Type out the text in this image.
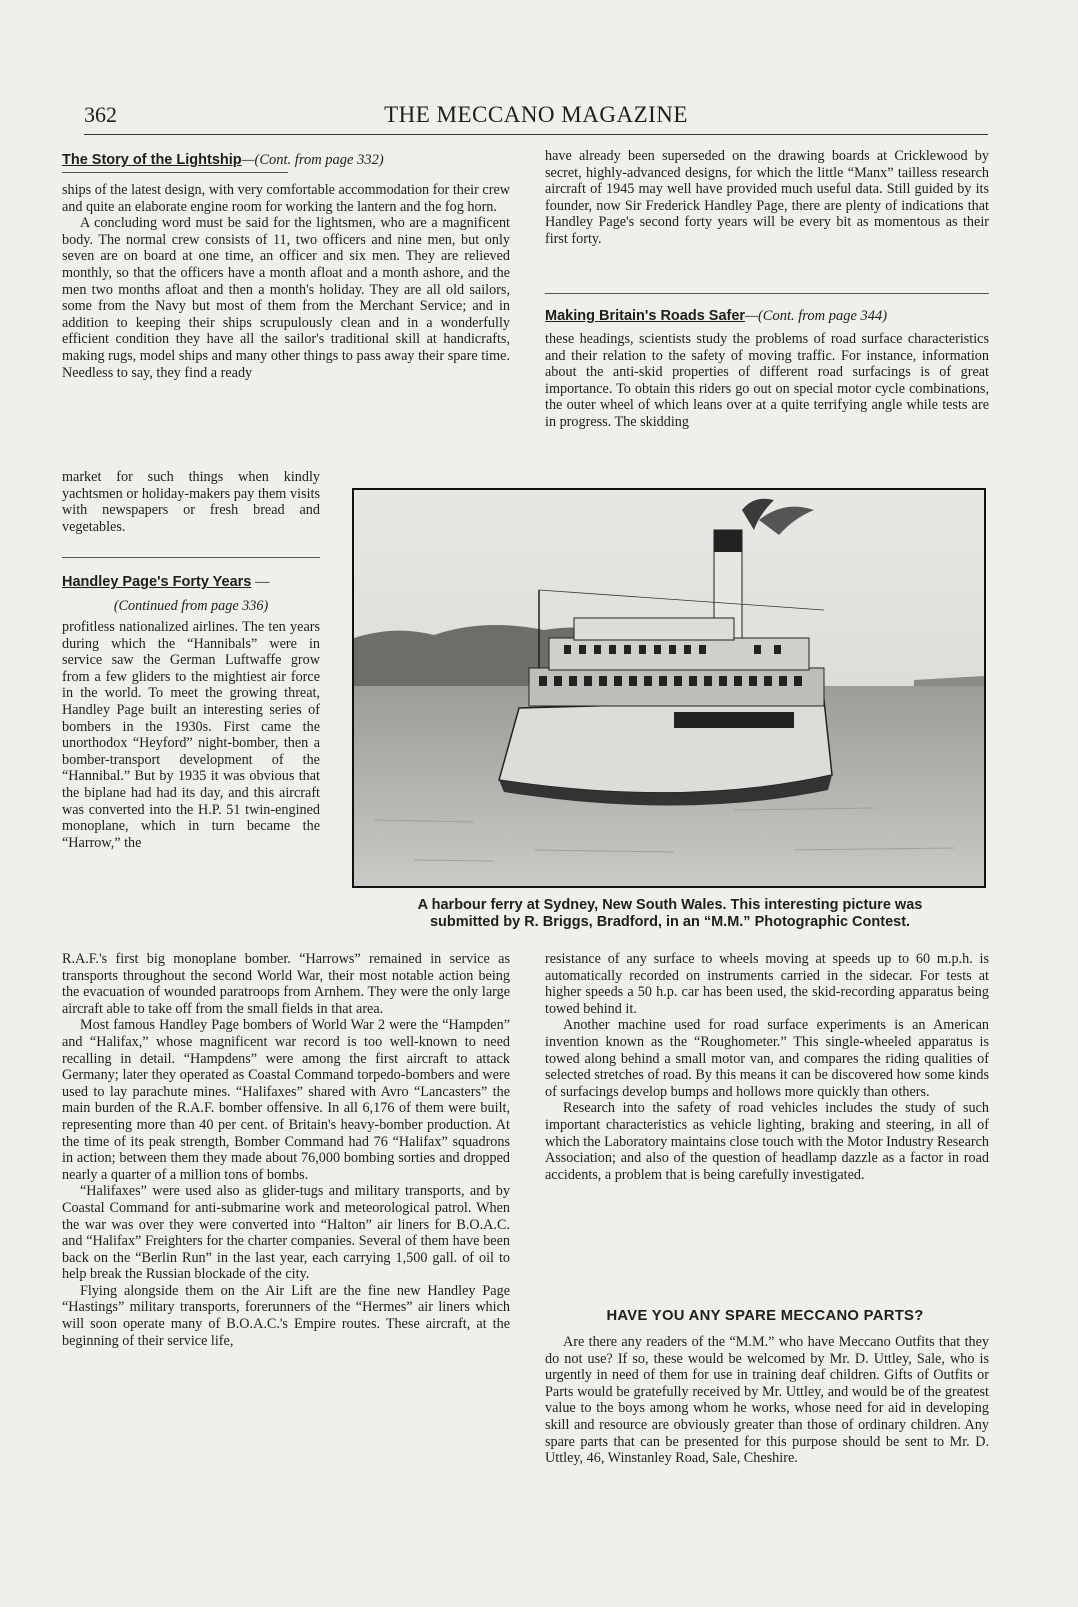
362	THE MECCANO MAGAZINE
The Story of the Lightship—(Cont. from page 332)

ships of the latest design, with very comfortable accommodation for their crew and quite an elaborate engine room for working the lantern and the fog horn.

A concluding word must be said for the lightsmen, who are a magnificent body. The normal crew consists of 11, two officers and nine men, but only seven are on board at one time, an officer and six men. They are relieved monthly, so that the officers have a month afloat and a month ashore, and the men two months afloat and then a month's holiday. They are all old sailors, some from the Navy but most of them from the Merchant Service; and in addition to keeping their ships scrupulously clean and in a wonderfully efficient condition they have all the sailor's traditional skill at handicrafts, making rugs, model ships and many other things to pass away their spare time. Needless to say, they find a ready

market for such things when kindly yachtsmen or holiday-makers pay them visits with newspapers or fresh bread and vegetables.

Handley Page's Forty Years —
(Continued from page 336)

profitless nationalized airlines. The ten years during which the “Hannibals” were in service saw the German Luftwaffe grow from a few gliders to the mightiest air force in the world. To meet the growing threat, Handley Page built an interesting series of bombers in the 1930s. First came the unorthodox “Heyford” night-bomber, then a bomber-transport development of the “Hannibal.” But by 1935 it was obvious that the biplane had had its day, and this aircraft was converted into the H.P. 51 twin-engined monoplane, which in turn became the “Harrow,” the

R.A.F.'s first big monoplane bomber. “Harrows” remained in service as transports throughout the second World War, their most notable action being the evacuation of wounded paratroops from Arnhem. They were the only large aircraft able to take off from the small fields in that area.

Most famous Handley Page bombers of World War 2 were the “Hampden” and “Halifax,” whose magnificent war record is too well-known to need recalling in detail. “Hampdens” were among the first aircraft to attack Germany; later they operated as Coastal Command torpedo-bombers and were used to lay parachute mines. “Halifaxes” shared with Avro “Lancasters” the main burden of the R.A.F. bomber offensive. In all 6,176 of them were built, representing more than 40 per cent. of Britain's heavy-bomber production. At the time of its peak strength, Bomber Command had 76 “Halifax” squadrons in action; between them they made about 76,000 bombing sorties and dropped nearly a quarter of a million tons of bombs.

“Halifaxes” were used also as glider-tugs and military transports, and by Coastal Command for anti-submarine work and meteorological patrol. When the war was over they were converted into “Halton” air liners for B.O.A.C. and “Halifax” Freighters for the charter companies. Several of them have been back on the “Berlin Run” in the last year, each carrying 1,500 gall. of oil to help break the Russian blockade of the city.

Flying alongside them on the Air Lift are the fine new Handley Page “Hastings” military transports, forerunners of the “Hermes” air liners which will soon operate many of B.O.A.C.'s Empire routes. These aircraft, at the beginning of their service life,

have already been superseded on the drawing boards at Cricklewood by secret, highly-advanced designs, for which the little “Manx” tailless research aircraft of 1945 may well have provided much useful data. Still guided by its founder, now Sir Frederick Handley Page, there are plenty of indications that Handley Page's second forty years will be every bit as momentous as their first forty.

Making Britain's Roads Safer—(Cont. from page 344)

these headings, scientists study the problems of road surface characteristics and their relation to the safety of moving traffic. For instance, information about the anti-skid properties of different road surfacings is of great importance. To obtain this riders go out on special motor cycle combinations, the outer wheel of which leans over at a quite terrifying angle while tests are in progress. The skidding

A harbour ferry at Sydney, New South Wales. This interesting picture was
submitted by R. Briggs, Bradford, in an “M.M.” Photographic Contest.

resistance of any surface to wheels moving at speeds up to 60 m.p.h. is automatically recorded on instruments carried in the sidecar. For tests at higher speeds a 50 h.p. car has been used, the skid-recording apparatus being towed behind it.

Another machine used for road surface experiments is an American invention known as the “Roughometer.” This single-wheeled apparatus is towed along behind a small motor van, and compares the riding qualities of selected stretches of road. By this means it can be discovered how some kinds of surfacings develop bumps and hollows more quickly than others.

Research into the safety of road vehicles includes the study of such important characteristics as vehicle lighting, braking and steering, in all of which the Laboratory maintains close touch with the Motor Industry Research Association; and also of the question of headlamp dazzle as a factor in road accidents, a problem that is being carefully investigated.

HAVE YOU ANY SPARE MECCANO PARTS?

Are there any readers of the “M.M.” who have Meccano Outfits that they do not use? If so, these would be welcomed by Mr. D. Uttley, Sale, who is urgently in need of them for use in training deaf children. Gifts of Outfits or Parts would be gratefully received by Mr. Uttley, and would be of the greatest value to the boys among whom he works, whose need for aid in developing skill and resource are obviously greater than those of ordinary children. Any spare parts that can be presented for this purpose should be sent to Mr. D. Uttley, 46, Winstanley Road, Sale, Cheshire.
